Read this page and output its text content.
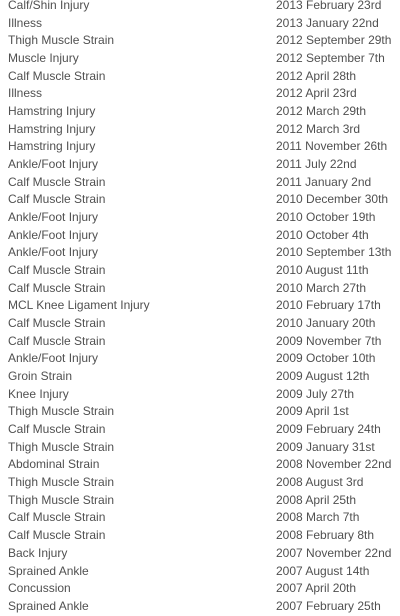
Calf/Shin Injury	2013 February 23rd
Illness	2013 January 22nd
Thigh Muscle Strain	2012 September 29th
Muscle Injury	2012 September 7th
Calf Muscle Strain	2012 April 28th
Illness	2012 April 23rd
Hamstring Injury	2012 March 29th
Hamstring Injury	2012 March 3rd
Hamstring Injury	2011 November 26th
Ankle/Foot Injury	2011 July 22nd
Calf Muscle Strain	2011 January 2nd
Calf Muscle Strain	2010 December 30th
Ankle/Foot Injury	2010 October 19th
Ankle/Foot Injury	2010 October 4th
Ankle/Foot Injury	2010 September 13th
Calf Muscle Strain	2010 August 11th
Calf Muscle Strain	2010 March 27th
MCL Knee Ligament Injury	2010 February 17th
Calf Muscle Strain	2010 January 20th
Calf Muscle Strain	2009 November 7th
Ankle/Foot Injury	2009 October 10th
Groin Strain	2009 August 12th
Knee Injury	2009 July 27th
Thigh Muscle Strain	2009 April 1st
Calf Muscle Strain	2009 February 24th
Thigh Muscle Strain	2009 January 31st
Abdominal Strain	2008 November 22nd
Thigh Muscle Strain	2008 August 3rd
Thigh Muscle Strain	2008 April 25th
Calf Muscle Strain	2008 March 7th
Calf Muscle Strain	2008 February 8th
Back Injury	2007 November 22nd
Sprained Ankle	2007 August 14th
Concussion	2007 April 20th
Sprained Ankle	2007 February 25th
